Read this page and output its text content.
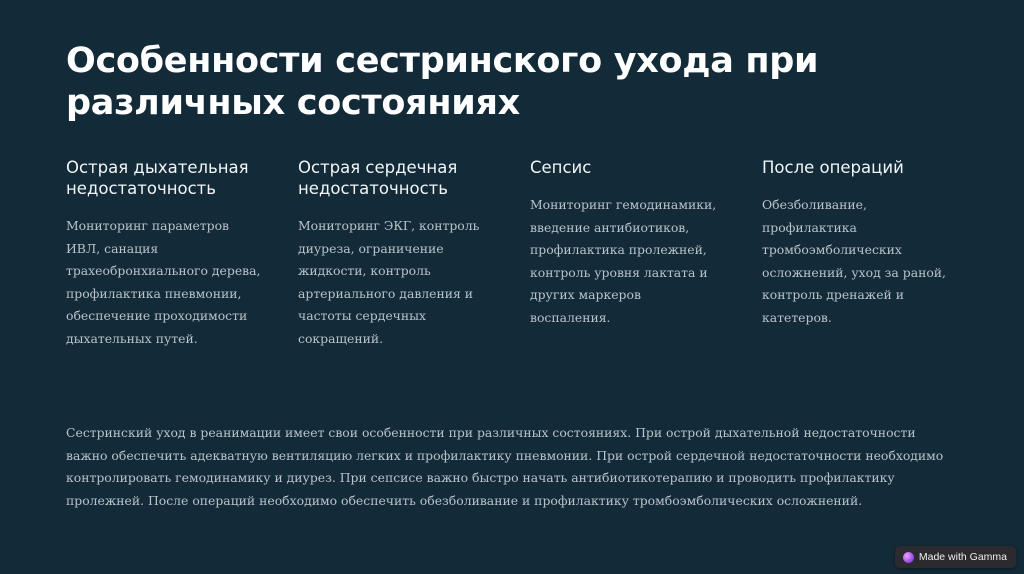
Особенности сестринского ухода при различных состояниях
Острая дыхательная недостаточность

Мониторинг параметров ИВЛ, санация трахеобронхиального дерева, профилактика пневмонии, обеспечение проходимости дыхательных путей.

Острая сердечная недостаточность

Мониторинг ЭКГ, контроль диуреза, ограничение жидкости, контроль артериального давления и частоты сердечных сокращений.

Сепсис

Мониторинг гемодинамики, введение антибиотиков, профилактика пролежней, контроль уровня лактата и других маркеров воспаления.

После операций

Обезболивание, профилактика тромбоэмболических осложнений, уход за раной, контроль дренажей и катетеров.

Сестринский уход в реанимации имеет свои особенности при различных состояниях. При острой дыхательной недостаточности важно обеспечить адекватную вентиляцию легких и профилактику пневмонии. При острой сердечной недостаточности необходимо контролировать гемодинамику и диурез. При сепсисе важно быстро начать антибиотикотерапию и проводить профилактику пролежней. После операций необходимо обеспечить обезболивание и профилактику тромбоэмболических осложнений.

Made with Gamma
